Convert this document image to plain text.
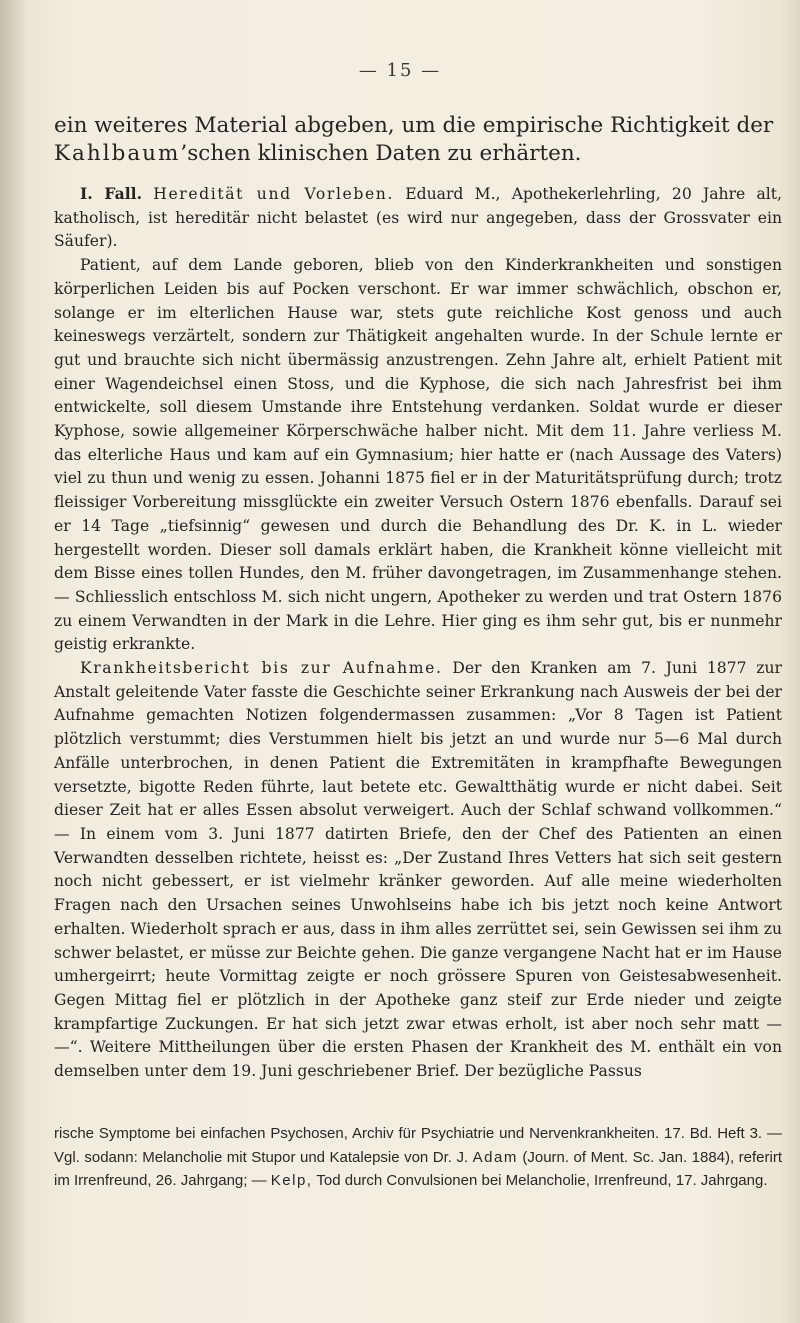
— 15 —

ein weiteres Material abgeben, um die empirische Richtigkeit der Kahlbaum’schen klinischen Daten zu erhärten.

I. Fall. Heredität und Vorleben. Eduard M., Apothekerlehrling, 20 Jahre alt, katholisch, ist hereditär nicht belastet (es wird nur angegeben, dass der Grossvater ein Säufer).

Patient, auf dem Lande geboren, blieb von den Kinderkrankheiten und sonstigen körperlichen Leiden bis auf Pocken verschont. Er war immer schwächlich, obschon er, solange er im elterlichen Hause war, stets gute reichliche Kost genoss und auch keineswegs verzärtelt, sondern zur Thätigkeit angehalten wurde. In der Schule lernte er gut und brauchte sich nicht übermässig anzustrengen. Zehn Jahre alt, erhielt Patient mit einer Wagendeichsel einen Stoss, und die Kyphose, die sich nach Jahresfrist bei ihm entwickelte, soll diesem Umstande ihre Entstehung verdanken. Soldat wurde er dieser Kyphose, sowie allgemeiner Körperschwäche halber nicht. Mit dem 11. Jahre verliess M. das elterliche Haus und kam auf ein Gymnasium; hier hatte er (nach Aussage des Vaters) viel zu thun und wenig zu essen. Johanni 1875 fiel er in der Maturitätsprüfung durch; trotz fleissiger Vorbereitung missglückte ein zweiter Versuch Ostern 1876 ebenfalls. Darauf sei er 14 Tage „tiefsinnig“ gewesen und durch die Behandlung des Dr. K. in L. wieder hergestellt worden. Dieser soll damals erklärt haben, die Krankheit könne vielleicht mit dem Bisse eines tollen Hundes, den M. früher davongetragen, im Zusammenhange stehen. — Schliesslich entschloss M. sich nicht ungern, Apotheker zu werden und trat Ostern 1876 zu einem Verwandten in der Mark in die Lehre. Hier ging es ihm sehr gut, bis er nunmehr geistig erkrankte.

Krankheitsbericht bis zur Aufnahme. Der den Kranken am 7. Juni 1877 zur Anstalt geleitende Vater fasste die Geschichte seiner Erkrankung nach Ausweis der bei der Aufnahme gemachten Notizen folgendermassen zusammen: „Vor 8 Tagen ist Patient plötzlich verstummt; dies Verstummen hielt bis jetzt an und wurde nur 5—6 Mal durch Anfälle unterbrochen, in denen Patient die Extremitäten in krampfhafte Bewegungen versetzte, bigotte Reden führte, laut betete etc. Gewaltthätig wurde er nicht dabei. Seit dieser Zeit hat er alles Essen absolut verweigert. Auch der Schlaf schwand vollkommen.“ — In einem vom 3. Juni 1877 datirten Briefe, den der Chef des Patienten an einen Verwandten desselben richtete, heisst es: „Der Zustand Ihres Vetters hat sich seit gestern noch nicht gebessert, er ist vielmehr kränker geworden. Auf alle meine wiederholten Fragen nach den Ursachen seines Unwohlseins habe ich bis jetzt noch keine Antwort erhalten. Wiederholt sprach er aus, dass in ihm alles zerrüttet sei, sein Gewissen sei ihm zu schwer belastet, er müsse zur Beichte gehen. Die ganze vergangene Nacht hat er im Hause umhergeirrt; heute Vormittag zeigte er noch grössere Spuren von Geistesabwesenheit. Gegen Mittag fiel er plötzlich in der Apotheke ganz steif zur Erde nieder und zeigte krampfartige Zuckungen. Er hat sich jetzt zwar etwas erholt, ist aber noch sehr matt — —“. Weitere Mittheilungen über die ersten Phasen der Krankheit des M. enthält ein von demselben unter dem 19. Juni geschriebener Brief. Der bezügliche Passus

rische Symptome bei einfachen Psychosen, Archiv für Psychiatrie und Nervenkrankheiten. 17. Bd. Heft 3. — Vgl. sodann: Melancholie mit Stupor und Katalepsie von Dr. J. Adam (Journ. of Ment. Sc. Jan. 1884), referirt im Irrenfreund, 26. Jahrgang; — Kelp, Tod durch Convulsionen bei Melancholie, Irrenfreund, 17. Jahrgang.
